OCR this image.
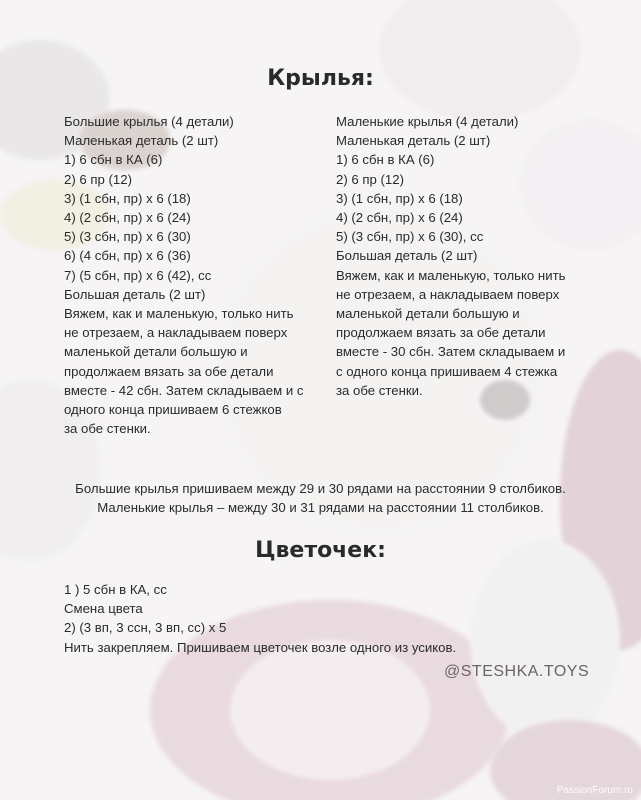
Крылья:
Большие крылья (4 детали)
Маленькая деталь (2 шт)
1) 6 сбн в КА (6)
2) 6 пр (12)
3) (1 сбн, пр) х 6 (18)
4) (2 сбн, пр) х 6 (24)
5) (3 сбн, пр) х 6 (30)
6) (4 сбн, пр) х 6 (36)
7) (5 сбн, пр) х 6 (42), сс
Большая деталь (2 шт)
Вяжем, как и маленькую, только нить
не отрезаем, а накладываем поверх
маленькой детали большую и
продолжаем вязать за обе детали
вместе - 42 сбн. Затем складываем и с
одного конца пришиваем 6 стежков
за обе стенки.
Маленькие крылья (4 детали)
Маленькая деталь (2 шт)
1) 6 сбн в КА (6)
2) 6 пр (12)
3) (1 сбн, пр) х 6 (18)
4) (2 сбн, пр) х 6 (24)
5) (3 сбн, пр) х 6 (30), сс
Большая деталь (2 шт)
Вяжем, как и маленькую, только нить
не отрезаем, а накладываем поверх
маленькой детали большую и
продолжаем вязать за обе детали
вместе - 30 сбн. Затем складываем и
с одного конца пришиваем 4 стежка
за обе стенки.
Большие крылья пришиваем между 29 и 30 рядами на расстоянии 9 столбиков.
Маленькие крылья – между 30 и 31 рядами на расстоянии 11 столбиков.
Цветочек:
1 ) 5 сбн в КА, сс
Смена цвета
2) (3 вп, 3 ссн, 3 вп, сс) х 5
Нить закрепляем. Пришиваем цветочек возле одного из усиков.
@STESHKA.TOYS
PassionForum.ru
